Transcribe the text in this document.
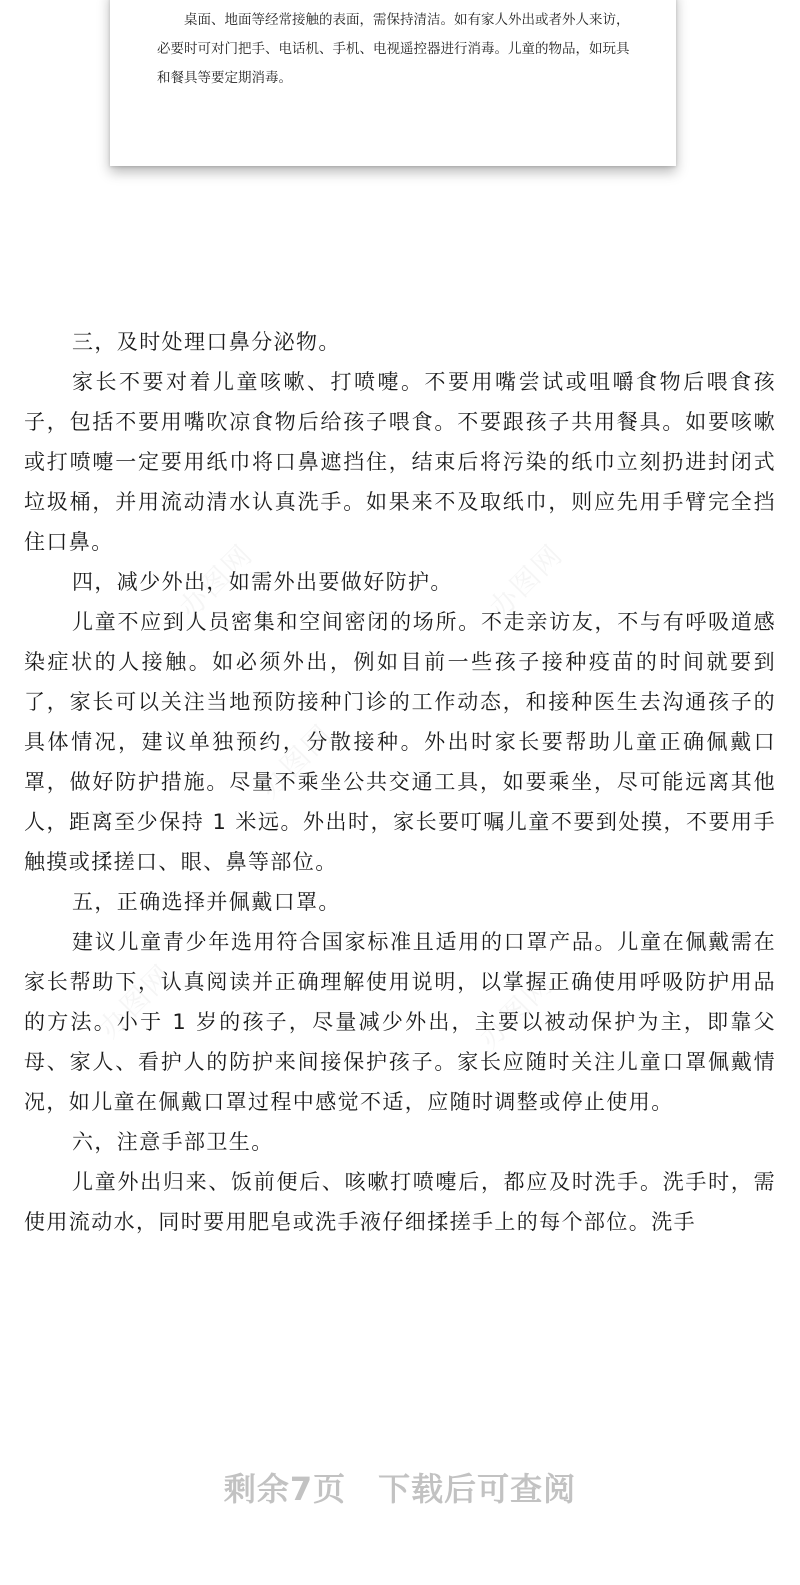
桌面、地面等经常接触的表面，需保持清洁。如有家人外出或者外人来访，必要时可对门把手、电话机、手机、电视遥控器进行消毒。儿童的物品，如玩具和餐具等要定期消毒。

办图网	办图网
办图网
办图网	办图网

三，及时处理口鼻分泌物。

家长不要对着儿童咳嗽、打喷嚏。不要用嘴尝试或咀嚼食物后喂食孩子，包括不要用嘴吹凉食物后给孩子喂食。不要跟孩子共用餐具。如要咳嗽或打喷嚏一定要用纸巾将口鼻遮挡住，结束后将污染的纸巾立刻扔进封闭式垃圾桶，并用流动清水认真洗手。如果来不及取纸巾，则应先用手臂完全挡住口鼻。

四，减少外出，如需外出要做好防护。

儿童不应到人员密集和空间密闭的场所。不走亲访友，不与有呼吸道感染症状的人接触。如必须外出，例如目前一些孩子接种疫苗的时间就要到了，家长可以关注当地预防接种门诊的工作动态，和接种医生去沟通孩子的具体情况，建议单独预约，分散接种。外出时家长要帮助儿童正确佩戴口罩，做好防护措施。尽量不乘坐公共交通工具，如要乘坐，尽可能远离其他人，距离至少保持 1 米远。外出时，家长要叮嘱儿童不要到处摸，不要用手触摸或揉搓口、眼、鼻等部位。

五，正确选择并佩戴口罩。

建议儿童青少年选用符合国家标准且适用的口罩产品。儿童在佩戴需在家长帮助下，认真阅读并正确理解使用说明，以掌握正确使用呼吸防护用品的方法。小于 1 岁的孩子，尽量减少外出，主要以被动保护为主，即靠父母、家人、看护人的防护来间接保护孩子。家长应随时关注儿童口罩佩戴情况，如儿童在佩戴口罩过程中感觉不适，应随时调整或停止使用。

六，注意手部卫生。

儿童外出归来、饭前便后、咳嗽打喷嚏后，都应及时洗手。洗手时，需使用流动水，同时要用肥皂或洗手液仔细揉搓手上的每个部位。洗手

剩余7页 下载后可查阅
